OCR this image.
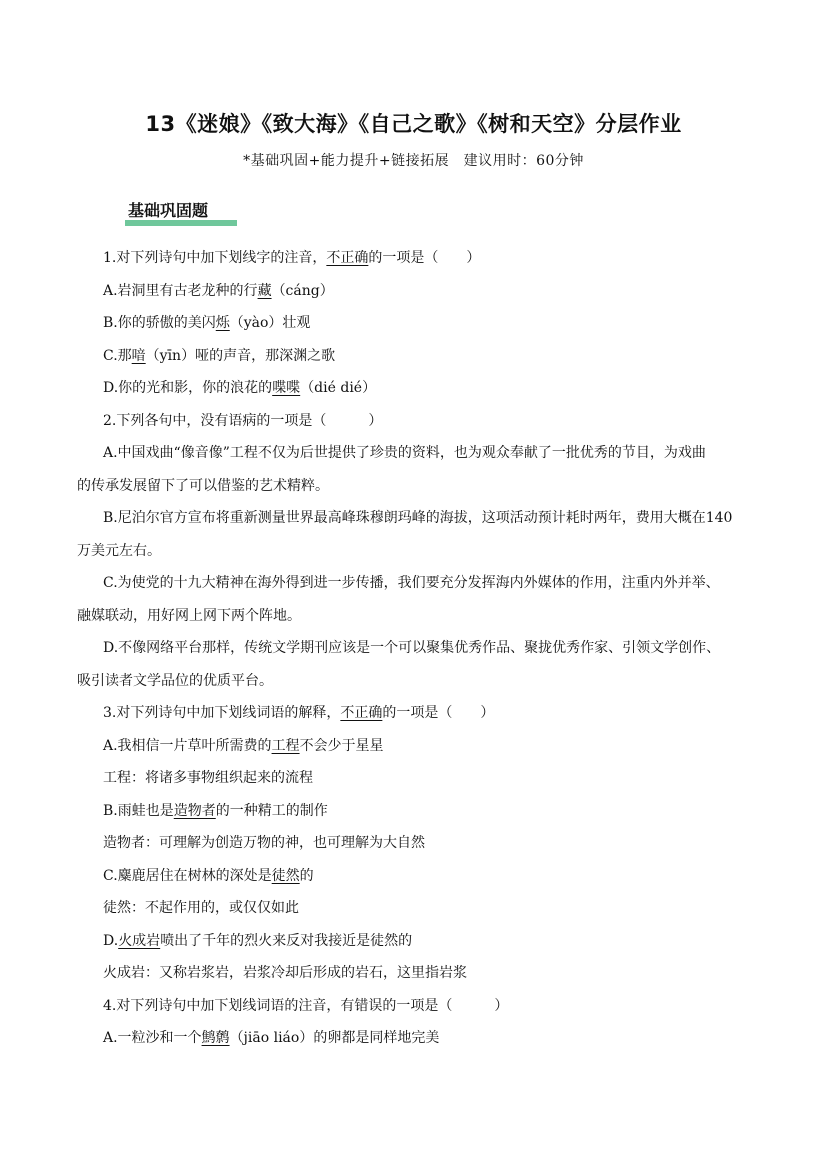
13《迷娘》《致大海》《自己之歌》《树和天空》分层作业
*基础巩固+能力提升+链接拓展　建议用时：60分钟
基础巩固题
1.对下列诗句中加下划线字的注音，不正确的一项是（　　）
A.岩洞里有古老龙种的行藏（cáng）
B.你的骄傲的美闪烁（yào）壮观
C.那喑（yīn）哑的声音，那深渊之歌
D.你的光和影，你的浪花的喋喋（dié dié）
2.下列各句中，没有语病的一项是（　　　）
A.中国戏曲“像音像”工程不仅为后世提供了珍贵的资料，也为观众奉献了一批优秀的节目，为戏曲
的传承发展留下了可以借鉴的艺术精粹。
B.尼泊尔官方宣布将重新测量世界最高峰珠穆朗玛峰的海拔，这项活动预计耗时两年，费用大概在140
万美元左右。
C.为使党的十九大精神在海外得到进一步传播，我们要充分发挥海内外媒体的作用，注重内外并举、
融媒联动，用好网上网下两个阵地。
D.不像网络平台那样，传统文学期刊应该是一个可以聚集优秀作品、聚拢优秀作家、引领文学创作、
吸引读者文学品位的优质平台。
3.对下列诗句中加下划线词语的解释，不正确的一项是（　　）
A.我相信一片草叶所需费的工程不会少于星星
工程：将诸多事物组织起来的流程
B.雨蛙也是造物者的一种精工的制作
造物者：可理解为创造万物的神，也可理解为大自然
C.麋鹿居住在树林的深处是徒然的
徒然：不起作用的，或仅仅如此
D.火成岩喷出了千年的烈火来反对我接近是徒然的
火成岩：又称岩浆岩，岩浆冷却后形成的岩石，这里指岩浆
4.对下列诗句中加下划线词语的注音，有错误的一项是（　　　）
A.一粒沙和一个鹪鹩（jiāo liáo）的卵都是同样地完美
